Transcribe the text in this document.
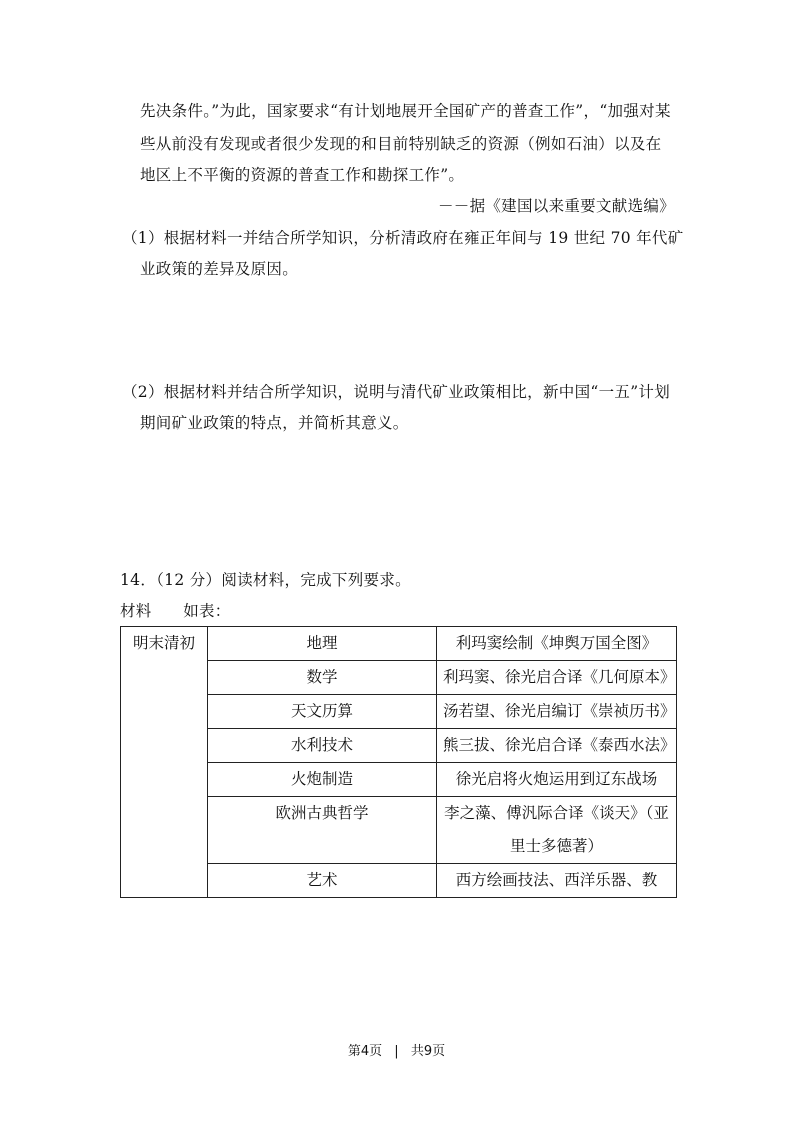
先决条件。”为此，国家要求“有计划地展开全国矿产的普查工作”，“加强对某
些从前没有发现或者很少发现的和目前特别缺乏的资源（例如石油）以及在
地区上不平衡的资源的普查工作和勘探工作”。
－－据《建国以来重要文献选编》
（1）根据材料一并结合所学知识，分析清政府在雍正年间与 19 世纪 70 年代矿
业政策的差异及原因。
（2）根据材料并结合所学知识，说明与清代矿业政策相比，新中国“一五”计划
期间矿业政策的特点，并简析其意义。
14．（12 分）阅读材料，完成下列要求。
材料　　如表：
明末清初	地理	利玛窦绘制《坤舆万国全图》
	数学	利玛窦、徐光启合译《几何原本》
	天文历算	汤若望、徐光启编订《崇祯历书》
	水利技术	熊三拔、徐光启合译《泰西水法》
	火炮制造	徐光启将火炮运用到辽东战场
	欧洲古典哲学	李之藻、傅汎际合译《谈天》（亚里士多德著）
	艺术	西方绘画技法、西洋乐器、教
第4页 | 共9页
